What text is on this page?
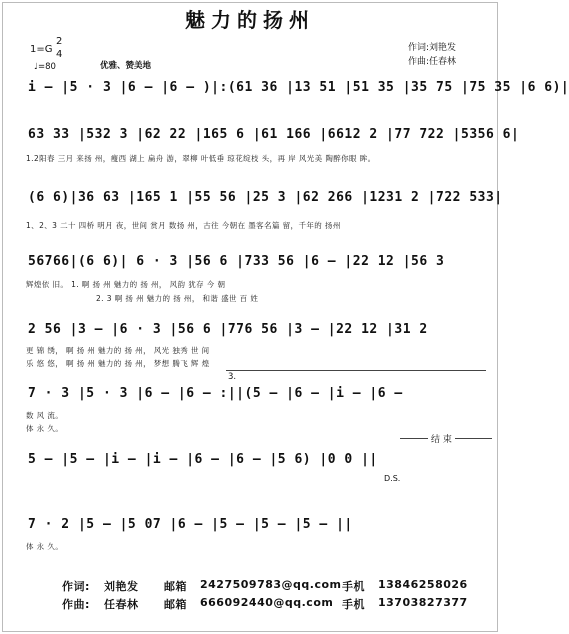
魅力的扬州
1=G
2
4
♩=80	优雅、赞美地
作词:刘艳发
作曲:任春林
i – |5 · 3 |6 – |6 – )|:(61 36 |13 51 |51 35 |35 75 |75 35 |6 6)|
63 33 |532 3 |62 22 |165 6 |61 166 |6612 2 |77 722 |5356 6|
1.2阳春 三月 来扬 州，瘦西 湖上 扁舟 游，翠柳 叶低垂 琼花绽枝 头，再 岸 风光美 陶醉你眼 眸。
(6 6)|36 63 |165 1 |55 56 |25 3 |62 266 |1231 2 |722 533|
1、2、3 二十 四桥 明月 夜，世间 赏月 数扬 州，古往 今朝在 墨客名篇 留，千年的 扬州
56766|(6 6)| 6 · 3 |56 6 |733 56 |6 – |22 12 |56 3
辉煌依 旧。 1. 啊 扬 州 魅力的 扬 州， 风韵 犹存 今 朝
2. 3 啊 扬 州 魅力的 扬 州， 和谐 盛世 百 姓
2 56 |3 – |6 · 3 |56 6 |776 56 |3 – |22 12 |31 2
更 锦 绣， 啊 扬 州 魅力的 扬 州， 风光 独秀 世 间
乐 悠 悠， 啊 扬 州 魅力的 扬 州， 梦想 腾飞 辉 煌
3.
7 · 3 |5 · 3 |6 – |6 – :||(5 – |6 – |i – |6 –
数 风 流。
体 永 久。
结 束
5 – |5 – |i – |i – |6 – |6 – |5 6) |0 0 ||
D.S.
7 · 2 |5 – |5 07 |6 – |5 – |5 – |5 – ||
体 永 久。
作词: 刘艳发 邮箱 2427509783@qq.com 手机 13846258026
作曲: 任春林 邮箱 666092440@qq.com 手机 13703827377
